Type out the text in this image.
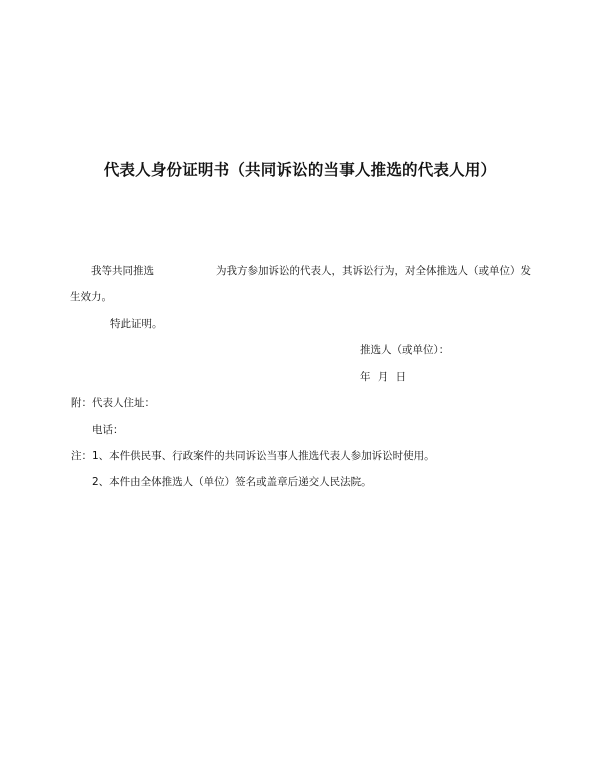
代表人身份证明书（共同诉讼的当事人推选的代表人用）
我等共同推选	为我方参加诉讼的代表人，其诉讼行为，对全体推选人（或单位）发
生效力。
特此证明。
推选人（或单位）：
年 月 日
附：代表人住址：
电话：
注：1、本件供民事、行政案件的共同诉讼当事人推选代表人参加诉讼时使用。
2、本件由全体推选人（单位）签名或盖章后递交人民法院。
